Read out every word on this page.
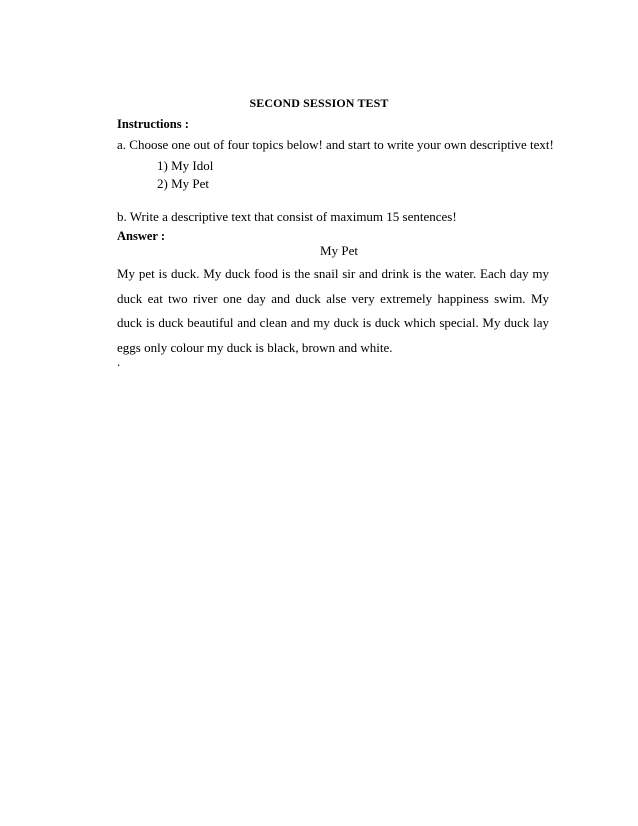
SECOND SESSION TEST
Instructions :
a. Choose one out of four topics below! and start to write your own descriptive text!
1) My Idol
2) My Pet
b. Write a descriptive text that consist of maximum 15 sentences!
Answer :
My Pet
My pet is duck. My duck food is the snail sir and drink is the water. Each day my duck eat two river one day and duck alse very extremely happiness swim. My duck is duck beautiful and clean and my duck is duck which special. My duck lay eggs only colour my duck is black, brown and white.
.
